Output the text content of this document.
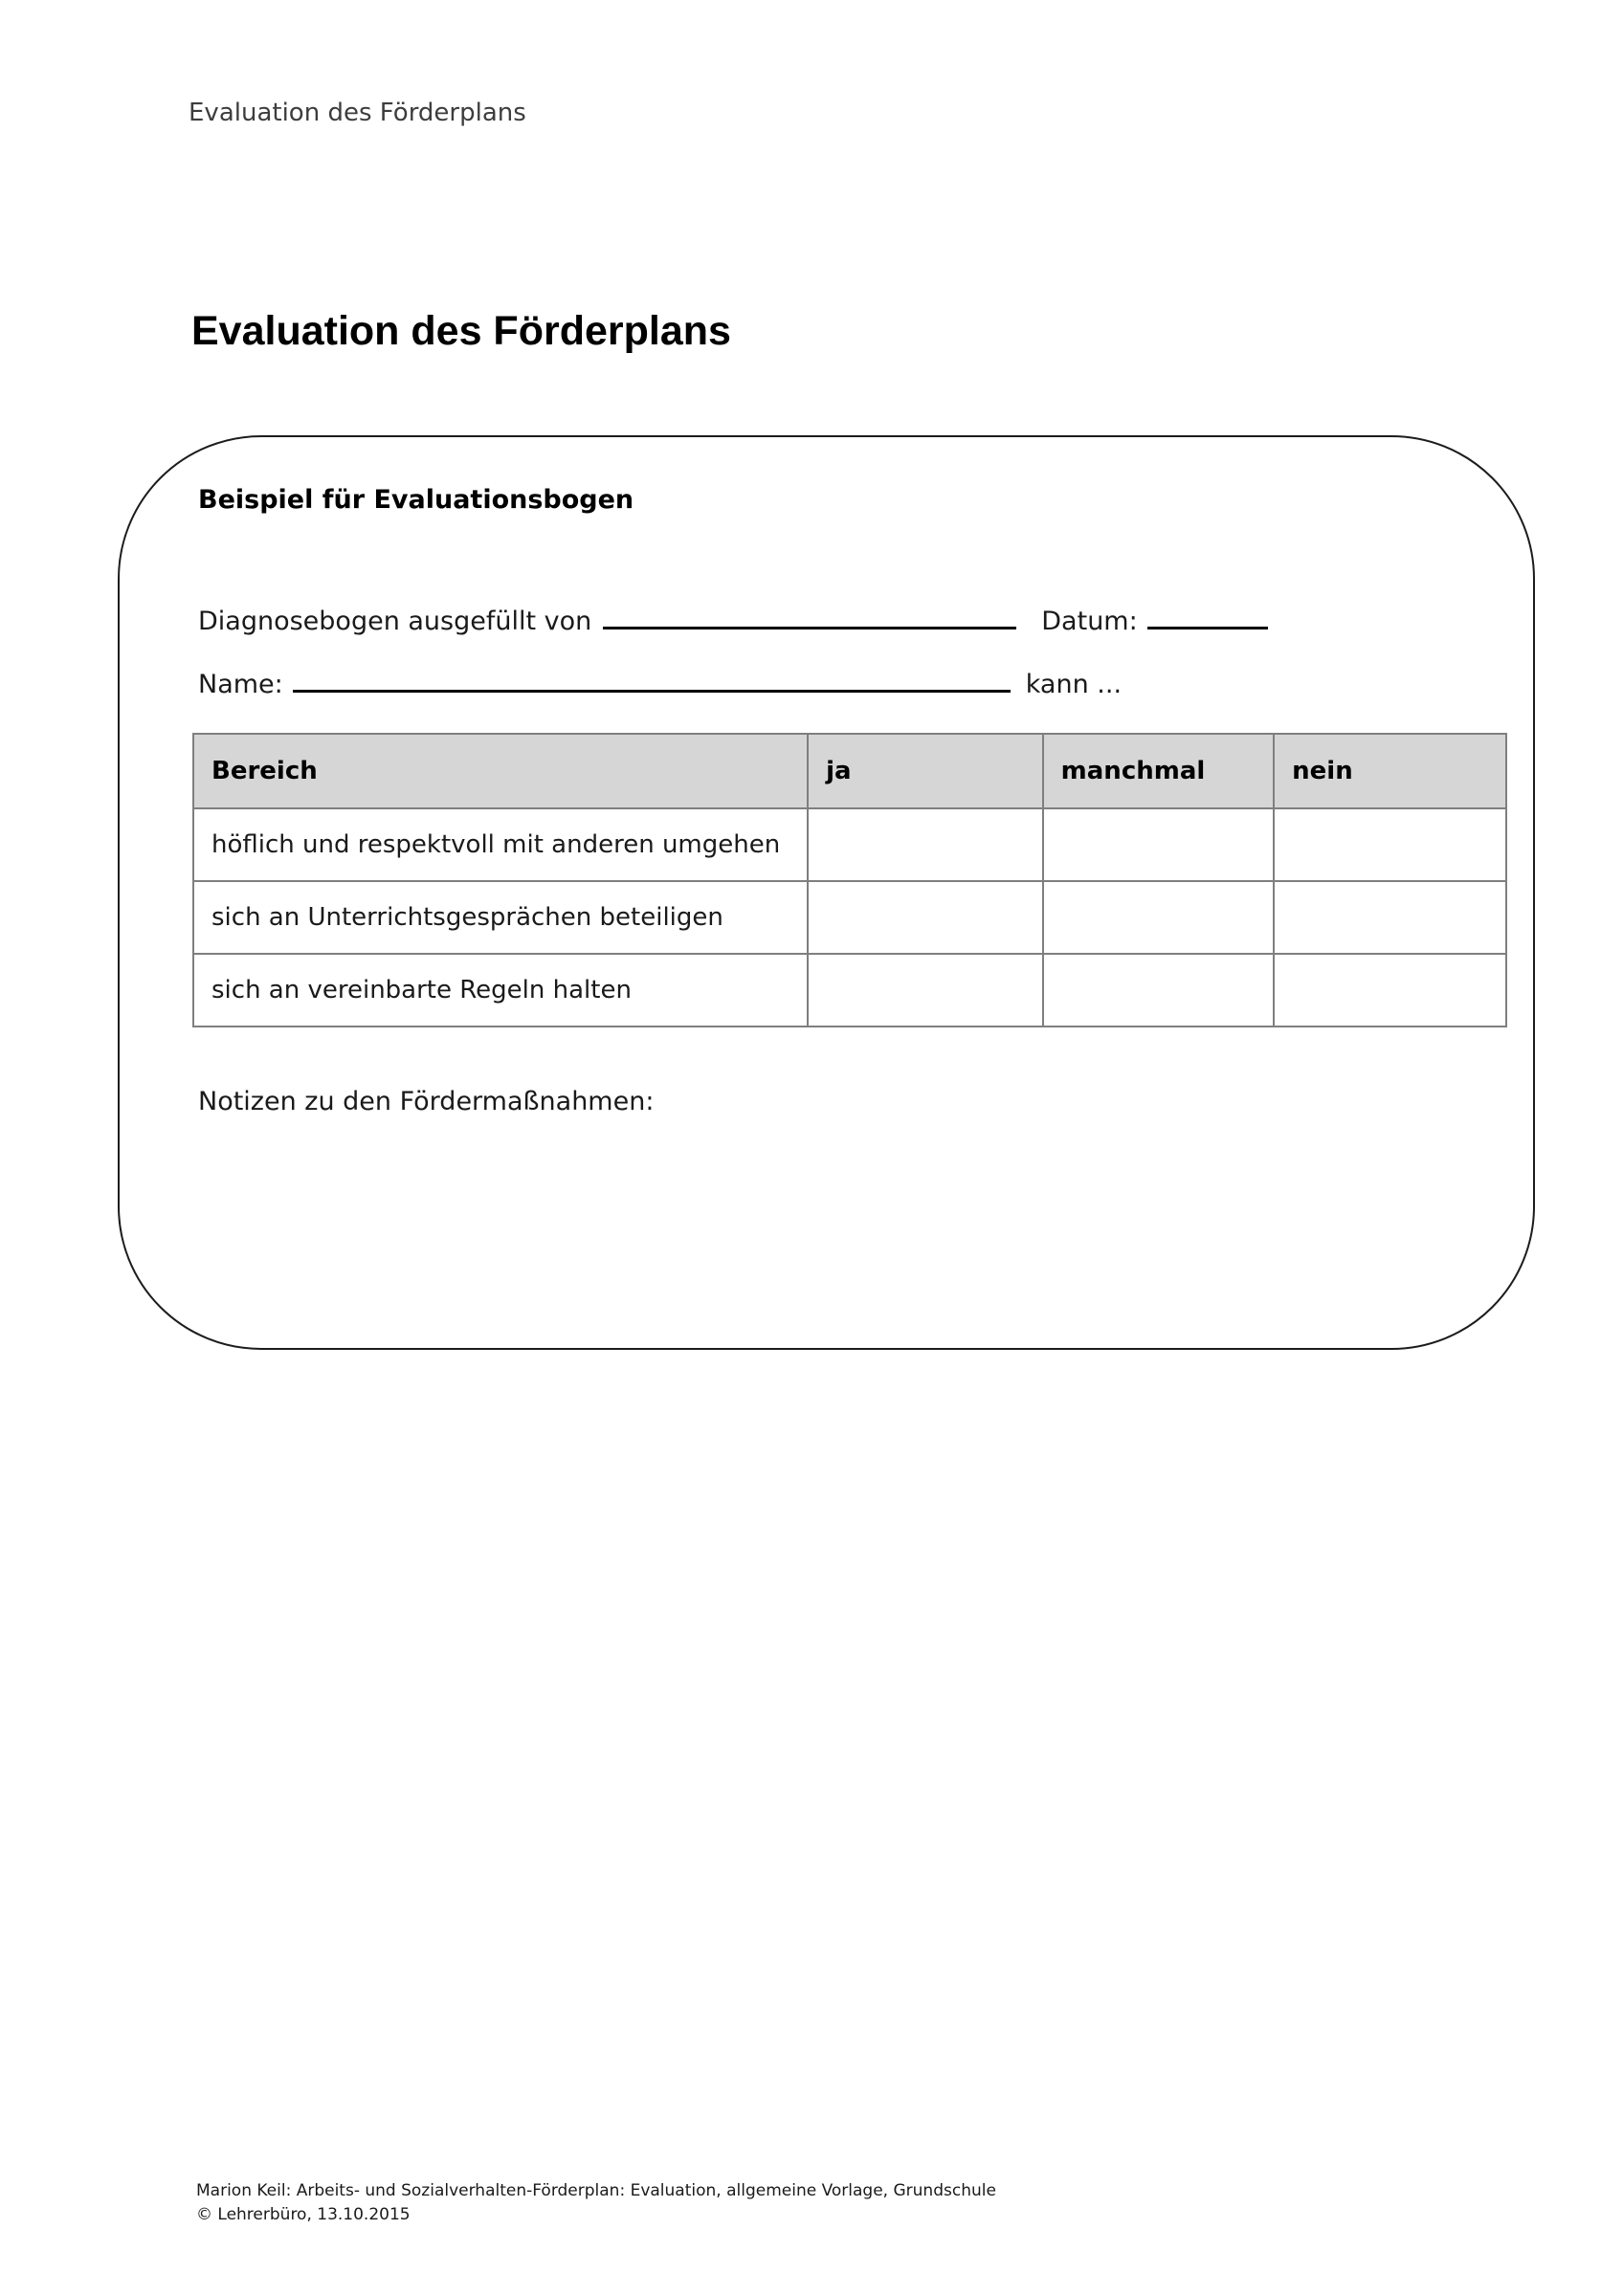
Evaluation des Förderplans
Evaluation des Förderplans
Beispiel für Evaluationsbogen
Diagnosebogen ausgefüllt von	Datum:
Name:	kann ...
Bereich	ja	manchmal	nein
höflich und respektvoll mit anderen umgehen			
sich an Unterrichtsgesprächen beteiligen			
sich an vereinbarte Regeln halten			
Notizen zu den Fördermaßnahmen:
Marion Keil: Arbeits- und Sozialverhalten-Förderplan: Evaluation, allgemeine Vorlage, Grundschule
© Lehrerbüro, 13.10.2015
